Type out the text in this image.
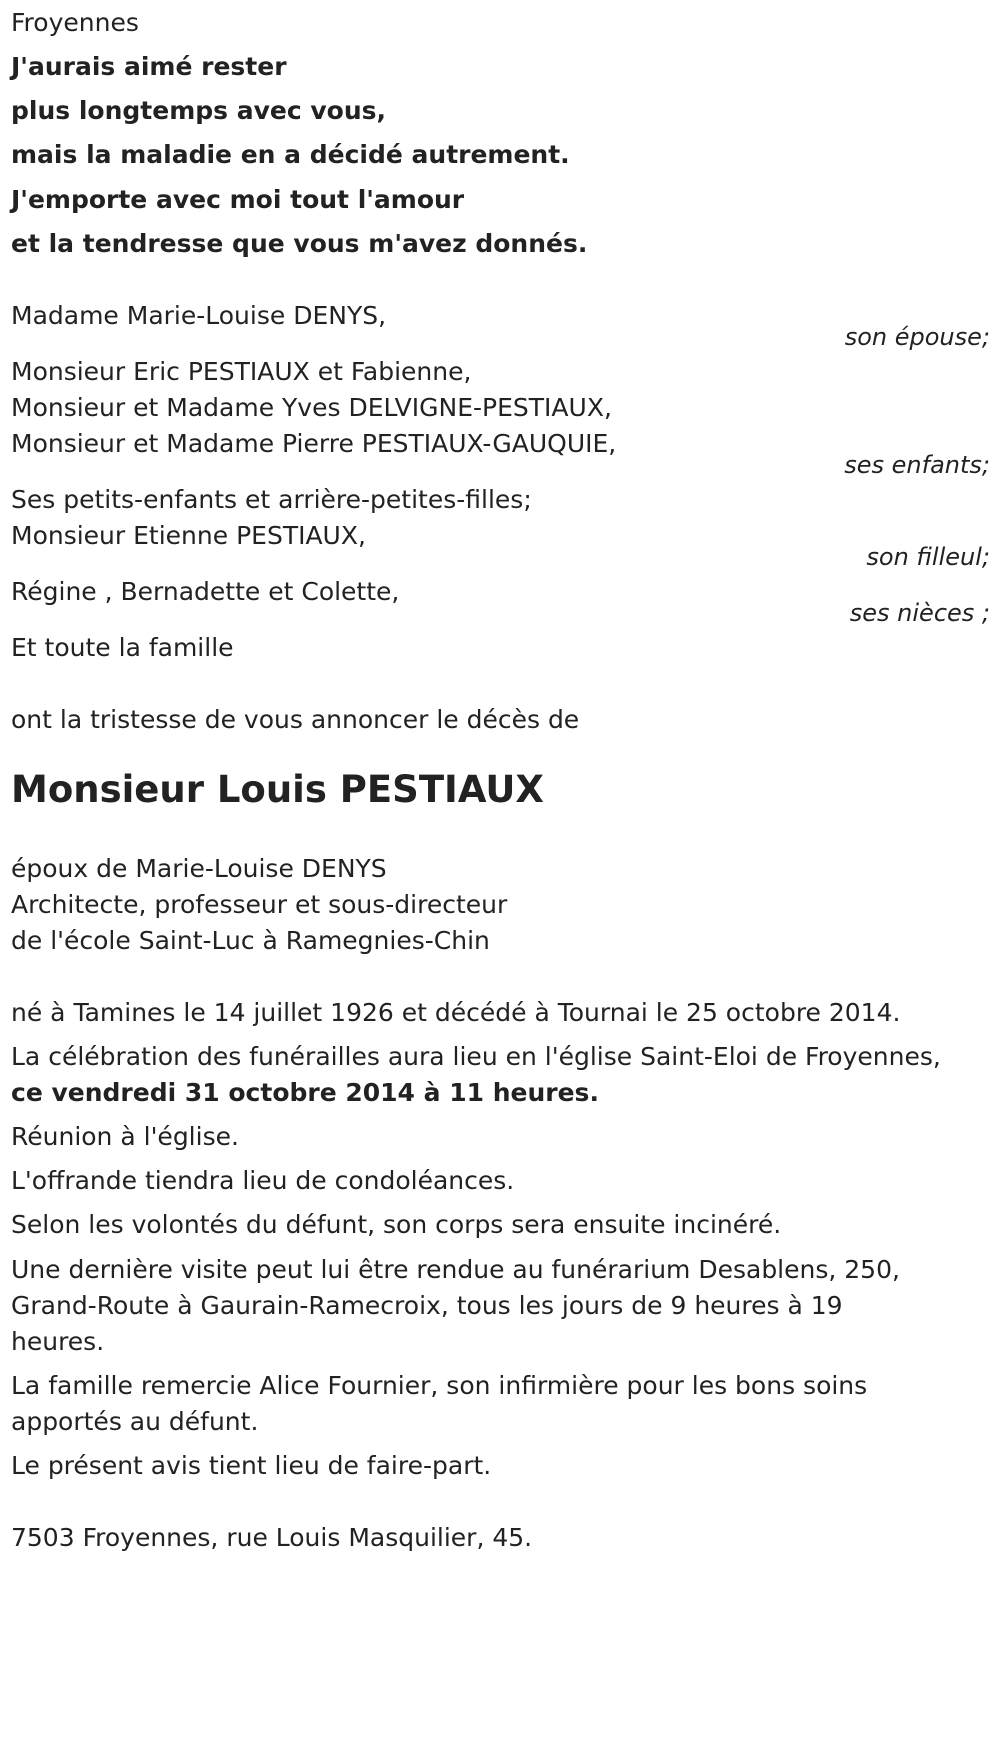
Froyennes
J'aurais aimé rester
plus longtemps avec vous,
mais la maladie en a décidé autrement.
J'emporte avec moi tout l'amour
et la tendresse que vous m'avez donnés.
Madame Marie-Louise DENYS,
son épouse;
Monsieur Eric PESTIAUX et Fabienne,
Monsieur et Madame Yves DELVIGNE-PESTIAUX,
Monsieur et Madame Pierre PESTIAUX-GAUQUIE,
ses enfants;
Ses petits-enfants et arrière-petites-filles;
Monsieur Etienne PESTIAUX,
son filleul;
Régine , Bernadette et Colette,
ses nièces ;
Et toute la famille
ont la tristesse de vous annoncer le décès de
Monsieur Louis PESTIAUX
époux de Marie-Louise DENYS
Architecte, professeur et sous-directeur
de l'école Saint-Luc à Ramegnies-Chin
né à Tamines le 14 juillet 1926 et décédé à Tournai le 25 octobre 2014.
La célébration des funérailles aura lieu en l'église Saint-Eloi de Froyennes,
ce vendredi 31 octobre 2014 à 11 heures.
Réunion à l'église.
L'offrande tiendra lieu de condoléances.
Selon les volontés du défunt, son corps sera ensuite incinéré.
Une dernière visite peut lui être rendue au funérarium Desablens, 250,
Grand-Route à Gaurain-Ramecroix, tous les jours de 9 heures à 19
heures.
La famille remercie Alice Fournier, son infirmière pour les bons soins
apportés au défunt.
Le présent avis tient lieu de faire-part.
7503 Froyennes, rue Louis Masquilier, 45.
